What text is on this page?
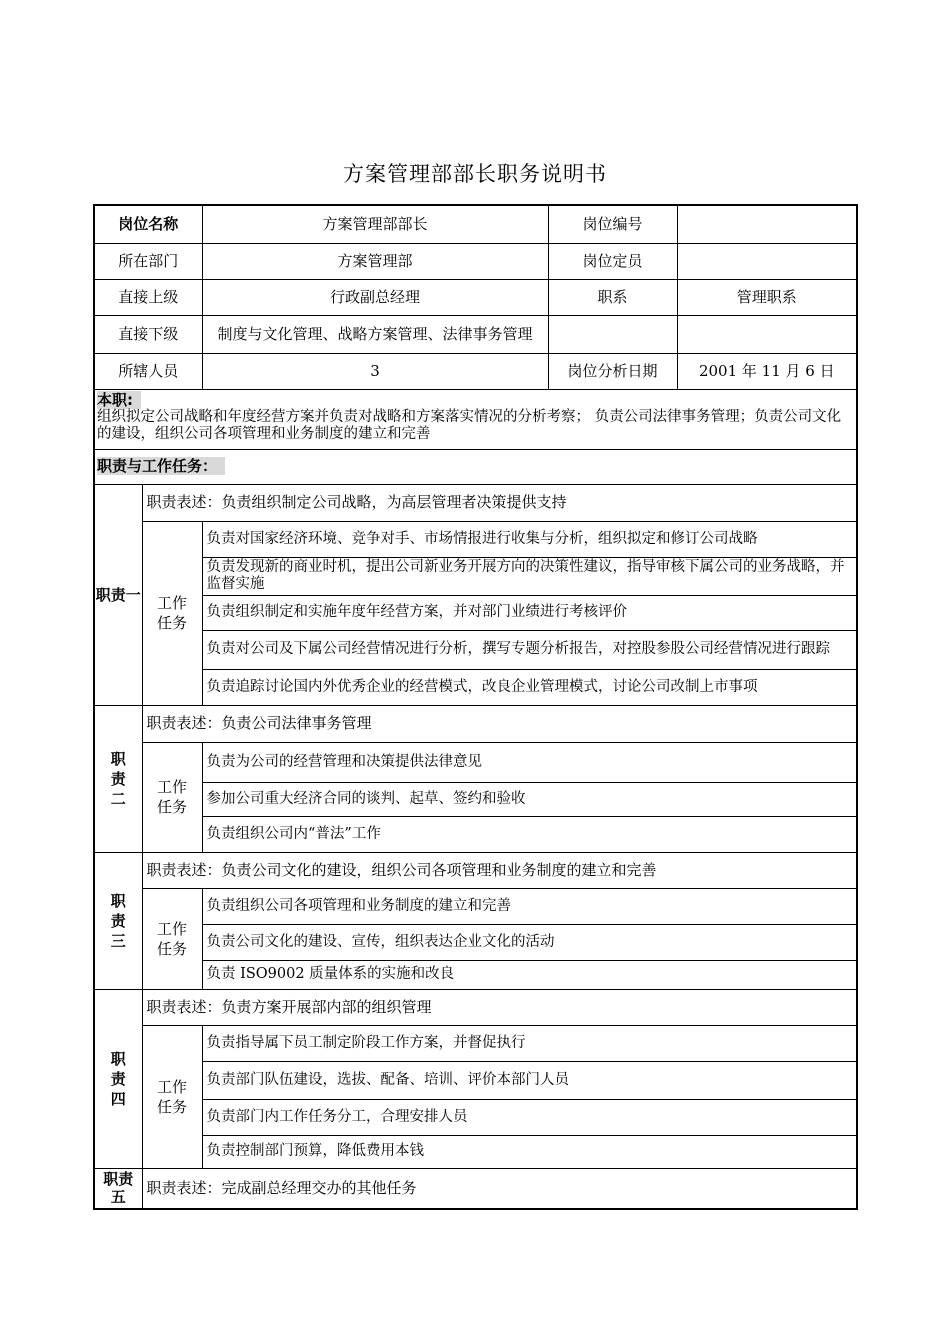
方案管理部部长职务说明书
岗位名称		方案管理部部长	岗位编号	
所在部门		方案管理部	岗位定员	
直接上级		行政副总经理	职系	管理职系
直接下级		制度与文化管理、战略方案管理、法律事务管理		
所辖人员		3	岗位分析日期	2001 年 11 月 6 日

本职:
组织拟定公司战略和年度经营方案并负责对战略和方案落实情况的分析考察； 负责公司法律事务管理；负责公司文化的建设，组织公司各项管理和业务制度的建立和完善				

职责与工作任务：				
职责一	职责表述：负责组织制定公司战略，为高层管理者决策提供支持			

	工作任务	负责对国家经济环境、竞争对手、市场情报进行收集与分析，组织拟定和修订公司战略		
		负责发现新的商业时机，提出公司新业务开展方向的决策性建议，指导审核下属公司的业务战略，并监督实施		
		负责组织制定和实施年度年经营方案，并对部门业绩进行考核评价		
		负责对公司及下属公司经营情况进行分析，撰写专题分析报告，对控股参股公司经营情况进行跟踪		
		负责追踪讨论国内外优秀企业的经营模式，改良企业管理模式，讨论公司改制上市事项		

职责二	职责表述：负责公司法律事务管理			

	工作任务	负责为公司的经营管理和决策提供法律意见		
		参加公司重大经济合同的谈判、起草、签约和验收		
		负责组织公司内“普法”工作		

职责三	职责表述：负责公司文化的建设，组织公司各项管理和业务制度的建立和完善			

	工作任务	负责组织公司各项管理和业务制度的建立和完善		
		负责公司文化的建设、宣传，组织表达企业文化的活动		
		负责 ISO9002 质量体系的实施和改良		

职责四	职责表述：负责方案开展部内部的组织管理			

	工作任务	负责指导属下员工制定阶段工作方案，并督促执行		
		负责部门队伍建设，选拔、配备、培训、评价本部门人员		
		负责部门内工作任务分工，合理安排人员		
		负责控制部门预算，降低费用本钱		

职责五	职责表述：完成副总经理交办的其他任务			
